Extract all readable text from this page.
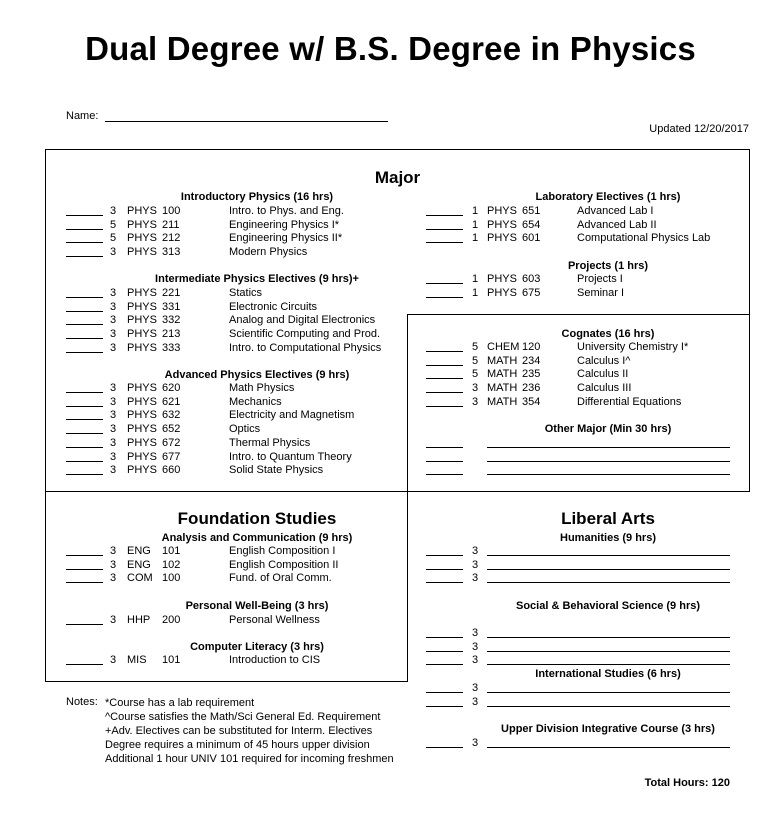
Dual Degree w/ B.S. Degree in Physics
Name:
Updated 12/20/2017
Major
Introductory Physics (16 hrs)
3 PHYS 100	Intro. to Phys. and Eng.
5 PHYS 211	Engineering Physics I*
5 PHYS 212	Engineering Physics II*
3 PHYS 313	Modern Physics
Intermediate Physics Electives (9 hrs)+
3 PHYS 221	Statics
3 PHYS 331	Electronic Circuits
3 PHYS 332	Analog and Digital Electronics
3 PHYS 213	Scientific Computing and Prod.
3 PHYS 333	Intro. to Computational Physics
Advanced Physics Electives (9 hrs)
3 PHYS 620	Math Physics
3 PHYS 621	Mechanics
3 PHYS 632	Electricity and Magnetism
3 PHYS 652	Optics
3 PHYS 672	Thermal Physics
3 PHYS 677	Intro. to Quantum Theory
3 PHYS 660	Solid State Physics
Laboratory Electives (1 hrs)
1 PHYS 651	Advanced Lab I
1 PHYS 654	Advanced Lab II
1 PHYS 601	Computational Physics Lab
Projects (1 hrs)
1 PHYS 603	Projects I
1 PHYS 675	Seminar I
Cognates (16 hrs)
5 CHEM 120	University Chemistry I*
5 MATH 234	Calculus I^
5 MATH 235	Calculus II
3 MATH 236	Calculus III
3 MATH 354	Differential Equations
Other Major (Min 30 hrs)
Foundation Studies
Analysis and Communication (9 hrs)
3 ENG 101	English Composition I
3 ENG 102	English Composition II
3 COM 100	Fund. of Oral Comm.
Personal Well-Being (3 hrs)
3 HHP 200	Personal Wellness
Computer Literacy (3 hrs)
3 MIS 101	Introduction to CIS
Liberal Arts
Humanities (9 hrs)
3
3
3
Social & Behavioral Science (9 hrs)
3
3
3
International Studies (6 hrs)
3
3
Upper Division Integrative Course (3 hrs)
3
Notes: *Course has a lab requirement
^Course satisfies the Math/Sci General Ed. Requirement
+Adv. Electives can be substituted for Interm. Electives
Degree requires a minimum of 45 hours upper division
Additional 1 hour UNIV 101 required for incoming freshmen
Total Hours: 120
